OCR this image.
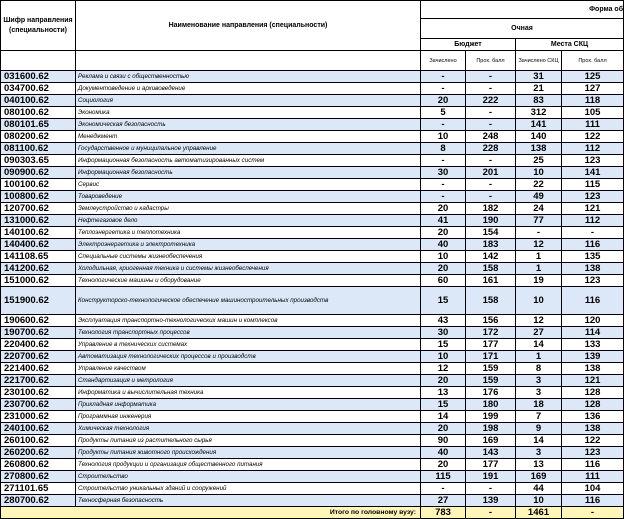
Шифр направления (специальности)	Наименование направления (специальности)	Форма об			
		Очная			
		Бюджет		Места СКЦ	
		Зачислено	Прох. балл	Зачислено СКЦ	Прох. балл
031600.62	Реклама и связи с общественностью	-	-	31	125
034700.62	Документоведение и архивоведение	-	-	21	127
040100.62	Социология	20	222	83	118
080100.62	Экономика	5	-	312	105
080101.65	Экономическая безопасность	-	-	141	111
080200.62	Менеджмент	10	248	140	122
081100.62	Государственное и муниципальное управление	8	228	138	112
090303.65	Информационная безопасность автоматизированных систем	-	-	25	123
090900.62	Информационная безопасность	30	201	10	141
100100.62	Сервис	-	-	22	115
100800.62	Товароведение	-	-	49	123
120700.62	Землеустройство и кадастры	20	182	24	121
131000.62	Нефтегазовое дело	41	190	77	112
140100.62	Теплоэнергетика и теплотехника	20	154	-	-
140400.62	Электроэнергетика и электротехника	40	183	12	116
141108.65	Специальные системы жизнеобеспечения	10	142	1	135
141200.62	Холодильная, криогенная техника и системы жизнеобеспечения	20	158	1	138
151000.62	Технологические машины и оборудование	60	161	19	123
151900.62	Конструкторско-технологическое обеспечение машиностроительных производств	15	158	10	116
190600.62	Эксплуатация транспортно-технологических машин и комплексов	43	156	12	120
190700.62	Технология транспортных процессов	30	172	27	114
220400.62	Управление в технических системах	15	177	14	133
220700.62	Автоматизация технологических процессов и производств	10	171	1	139
221400.62	Управление качеством	12	159	8	138
221700.62	Стандартизация и метрология	20	159	3	121
230100.62	Информатика и вычислительная техника	13	176	3	128
230700.62	Прикладная информатика	15	180	18	128
231000.62	Программная инженерия	14	199	7	136
240100.62	Химическая технология	20	198	9	138
260100.62	Продукты питания из растительного сырья	90	169	14	122
260200.62	Продукты питания животного происхождения	40	143	3	123
260800.62	Технология продукции и организация общественного питания	20	177	13	116
270800.62	Строительство	115	191	169	111
271101.65	Строительство уникальных зданий и сооружений	-	-	44	104
280700.62	Техносферная безопасность	27	139	10	116
Итого по головному вузу:		783	-	1461	-
